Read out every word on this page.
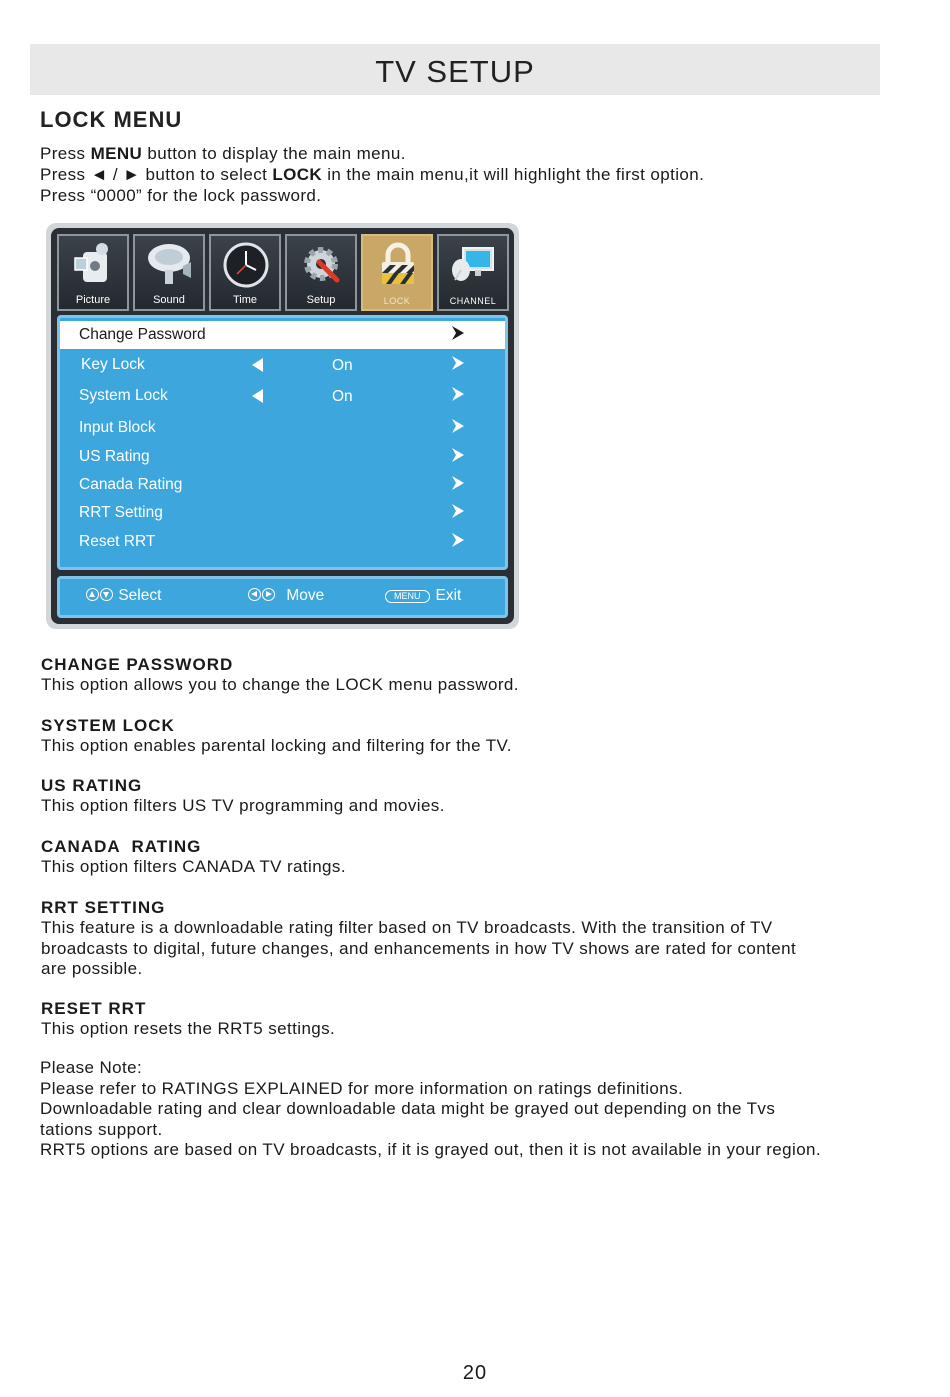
TV SETUP
LOCK MENU
Press MENU button to display the main menu.
Press ◄ / ► button to select LOCK in the main menu,it will highlight the first option.
Press “0000” for the lock password.
Picture	Sound	Time	Setup	LOCK	CHANNEL
Change Password
Key Lock	On
System Lock	On
Input Block
US Rating
Canada Rating
RRT Setting
Reset RRT
Select	Move	MENU Exit
CHANGE PASSWORD

This option allows you to change the LOCK menu password.

SYSTEM LOCK

This option enables parental locking and filtering for the TV.

US RATING

This option filters US TV programming and movies.

CANADA  RATING

This option filters CANADA TV ratings.

RRT SETTING

This feature is a downloadable rating filter based on TV broadcasts. With the transition of TV

broadcasts to digital, future changes, and enhancements in how TV shows are rated for content

are possible.

RESET RRT

This option resets the RRT5 settings.

Please Note:
Please refer to RATINGS EXPLAINED for more information on ratings definitions.
Downloadable rating and clear downloadable data might be grayed out depending on the Tvs
tations support.
RRT5 options are based on TV broadcasts, if it is grayed out, then it is not available in your region.
20
